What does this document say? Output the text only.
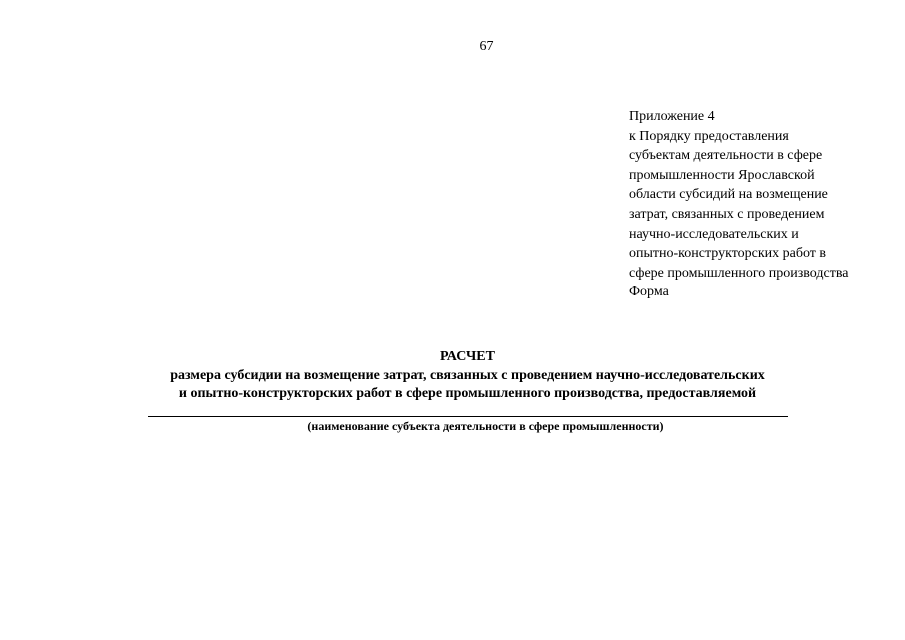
67
Приложение 4
к Порядку предоставления
субъектам деятельности в сфере
промышленности Ярославской
области субсидий на возмещение
затрат, связанных с проведением
научно-исследовательских и
опытно-конструкторских работ в
сфере промышленного производства
Форма
РАСЧЕТ
размера субсидии на возмещение затрат, связанных с проведением научно-исследовательских
и опытно-конструкторских работ в сфере промышленного производства, предоставляемой
(наименование субъекта деятельности в сфере промышленности)
